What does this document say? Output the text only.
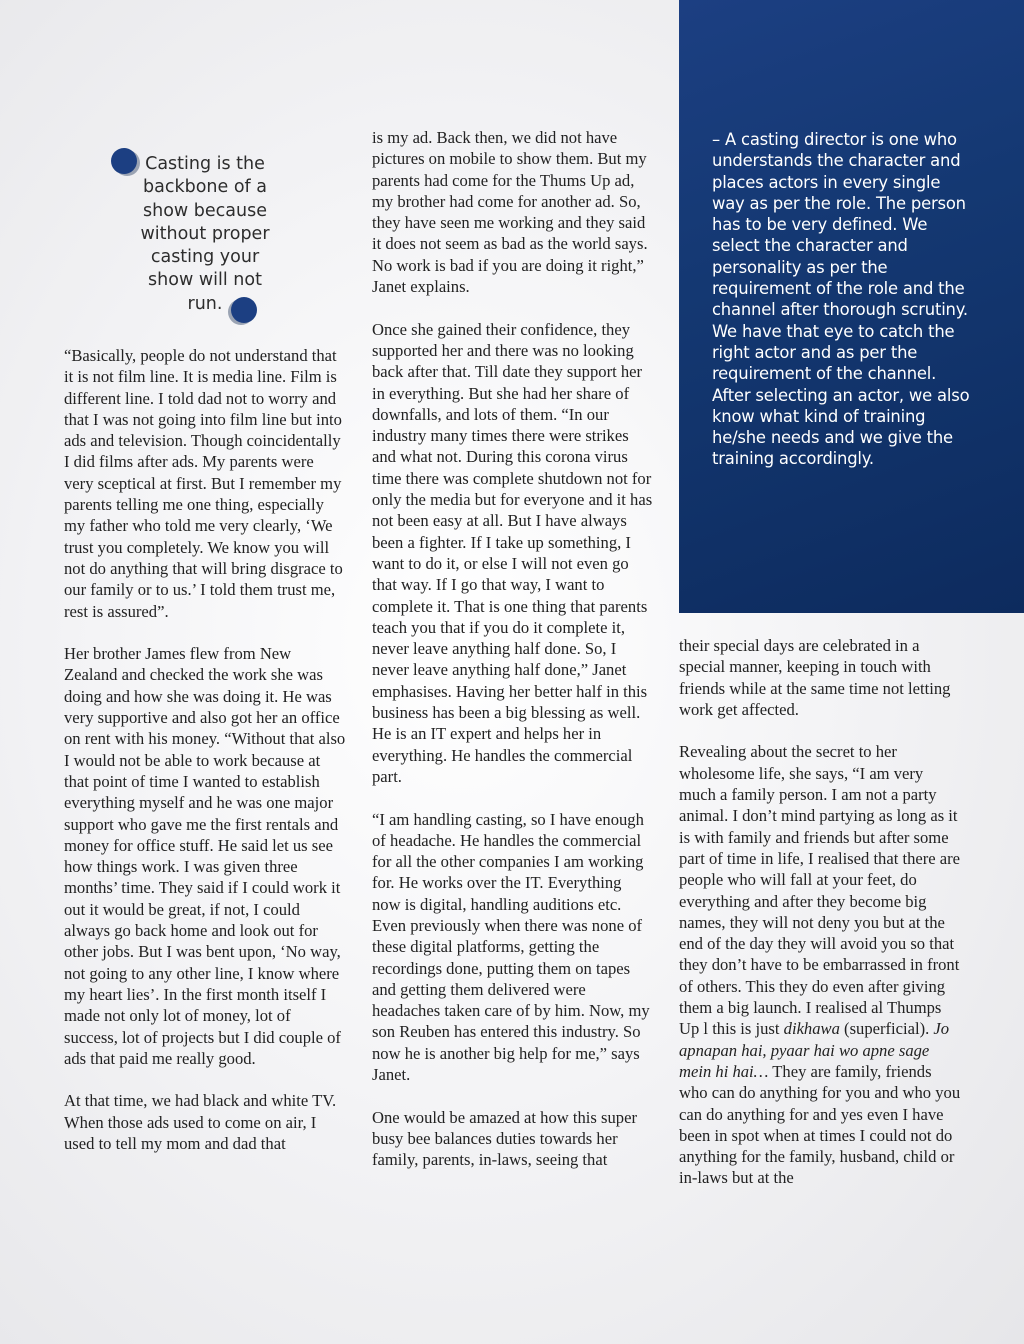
– A casting director is one who understands the character and places actors in every single way as per the role. The person has to be very defined. We select the character and personality as per the requirement of the role and the channel after thorough scrutiny. We have that eye to catch the right actor and as per the requirement of the channel. After selecting an actor, we also know what kind of training he/she needs and we give the training accordingly.

Casting is the backbone of a show because without proper casting your show will not run.

“Basically, people do not understand that it is not film line. It is media line. Film is different line. I told dad not to worry and that I was not going into film line but into ads and television. Though coincidentally I did films after ads. My parents were very sceptical at first. But I remember my parents telling me one thing, especially my father who told me very clearly, ‘We trust you completely. We know you will not do anything that will bring disgrace to our family or to us.’ I told them trust me, rest is assured”.

Her brother James flew from New Zealand and checked the work she was doing and how she was doing it. He was very supportive and also got her an office on rent with his money. “Without that also I would not be able to work because at that point of time I wanted to establish everything myself and he was one major support who gave me the first rentals and money for office stuff. He said let us see how things work. I was given three months’ time. They said if I could work it out it would be great, if not, I could always go back home and look out for other jobs. But I was bent upon, ‘No way, not going to any other line, I know where my heart lies’. In the first month itself I made not only lot of money, lot of success, lot of projects but I did couple of ads that paid me really good.

At that time, we had black and white TV. When those ads used to come on air, I used to tell my mom and dad that

is my ad. Back then, we did not have pictures on mobile to show them. But my parents had come for the Thums Up ad, my brother had come for another ad. So, they have seen me working and they said it does not seem as bad as the world says. No work is bad if you are doing it right,” Janet explains.

Once she gained their confidence, they supported her and there was no looking back after that. Till date they support her in everything. But she had her share of downfalls, and lots of them. “In our industry many times there were strikes and what not. During this corona virus time there was complete shutdown not for only the media but for everyone and it has not been easy at all. But I have always been a fighter. If I take up something, I want to do it, or else I will not even go that way. If I go that way, I want to complete it. That is one thing that parents teach you that if you do it complete it, never leave anything half done. So, I never leave anything half done,” Janet emphasises. Having her better half in this business has been a big blessing as well. He is an IT expert and helps her in everything. He handles the commercial part.

“I am handling casting, so I have enough of headache. He handles the commercial for all the other companies I am working for. He works over the IT. Everything now is digital, handling auditions etc. Even previously when there was none of these digital platforms, getting the recordings done, putting them on tapes and getting them delivered were headaches taken care of by him. Now, my son Reuben has entered this industry. So now he is another big help for me,” says Janet.

One would be amazed at how this super busy bee balances duties towards her family, parents, in-laws, seeing that

their special days are celebrated in a special manner, keeping in touch with friends while at the same time not letting work get affected.

Revealing about the secret to her wholesome life, she says, “I am very much a family person. I am not a party animal. I don’t mind partying as long as it is with family and friends but after some part of time in life, I realised that there are people who will fall at your feet, do everything and after they become big names, they will not deny you but at the end of the day they will avoid you so that they don’t have to be embarrassed in front of others. This they do even after giving them a big launch. I realised al Thumps Up l this is just dikhawa (superficial). Jo apnapan hai, pyaar hai wo apne sage mein hi hai… They are family, friends who can do anything for you and who you can do anything for and yes even I have been in spot when at times I could not do anything for the family, husband, child or in-laws but at the
